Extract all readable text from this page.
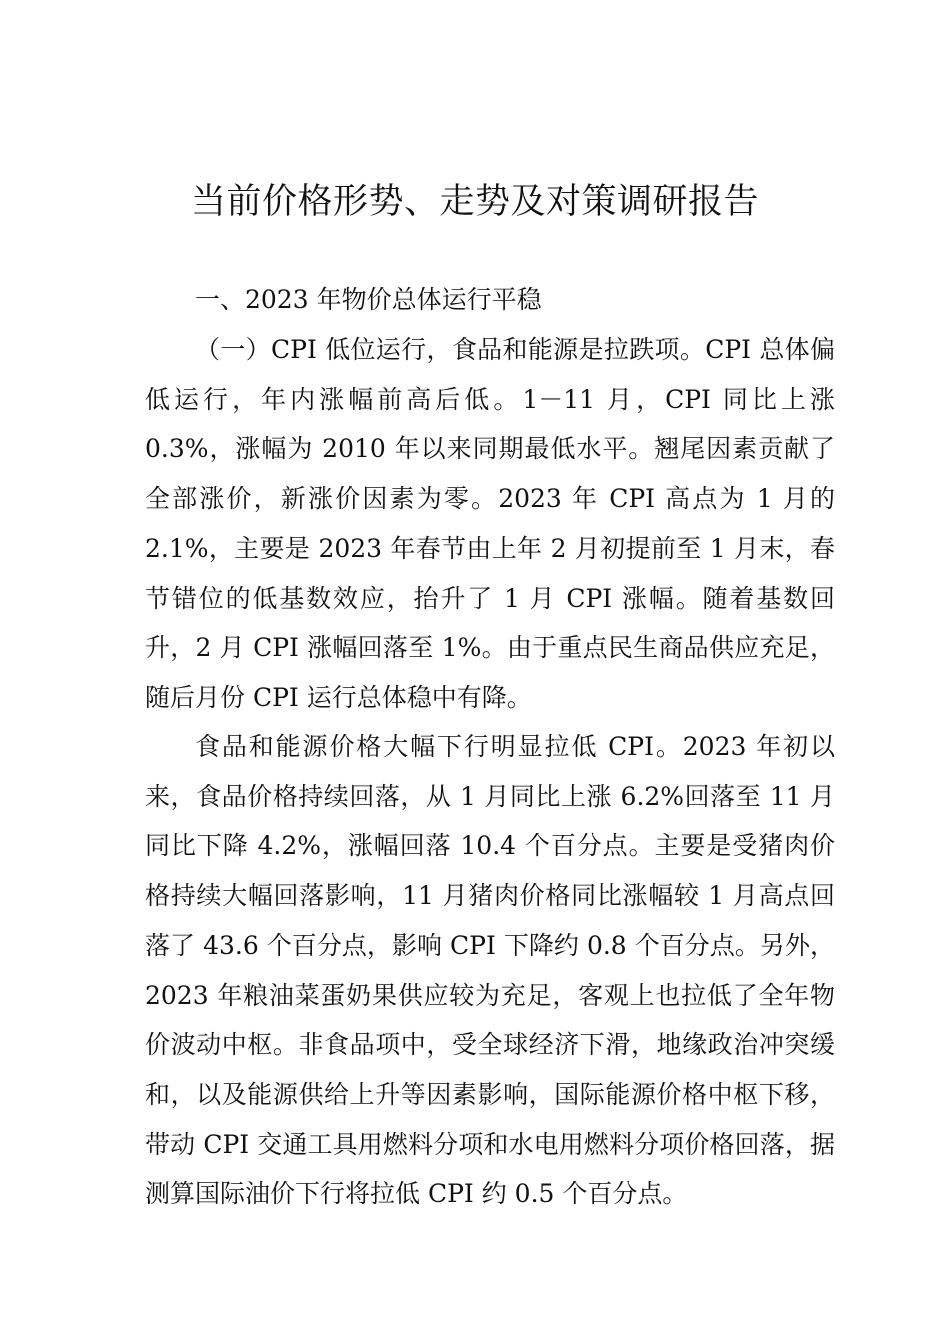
当前价格形势、走势及对策调研报告

一、2023 年物价总体运行平稳

（一）CPI 低位运行，食品和能源是拉跌项。CPI 总体偏低运行，年内涨幅前高后低。1－11 月，CPI 同比上涨 0.3%，涨幅为 2010 年以来同期最低水平。翘尾因素贡献了全部涨价，新涨价因素为零。2023 年 CPI 高点为 1 月的 2.1%，主要是 2023 年春节由上年 2 月初提前至 1 月末，春节错位的低基数效应，抬升了 1 月 CPI 涨幅。随着基数回升，2 月 CPI 涨幅回落至 1%。由于重点民生商品供应充足，随后月份 CPI 运行总体稳中有降。

食品和能源价格大幅下行明显拉低 CPI。2023 年初以来，食品价格持续回落，从 1 月同比上涨 6.2%回落至 11 月同比下降 4.2%，涨幅回落 10.4 个百分点。主要是受猪肉价格持续大幅回落影响，11 月猪肉价格同比涨幅较 1 月高点回落了 43.6 个百分点，影响 CPI 下降约 0.8 个百分点。另外，2023 年粮油菜蛋奶果供应较为充足，客观上也拉低了全年物价波动中枢。非食品项中，受全球经济下滑，地缘政治冲突缓和，以及能源供给上升等因素影响，国际能源价格中枢下移，带动 CPI 交通工具用燃料分项和水电用燃料分项价格回落，据测算国际油价下行将拉低 CPI 约 0.5 个百分点。
